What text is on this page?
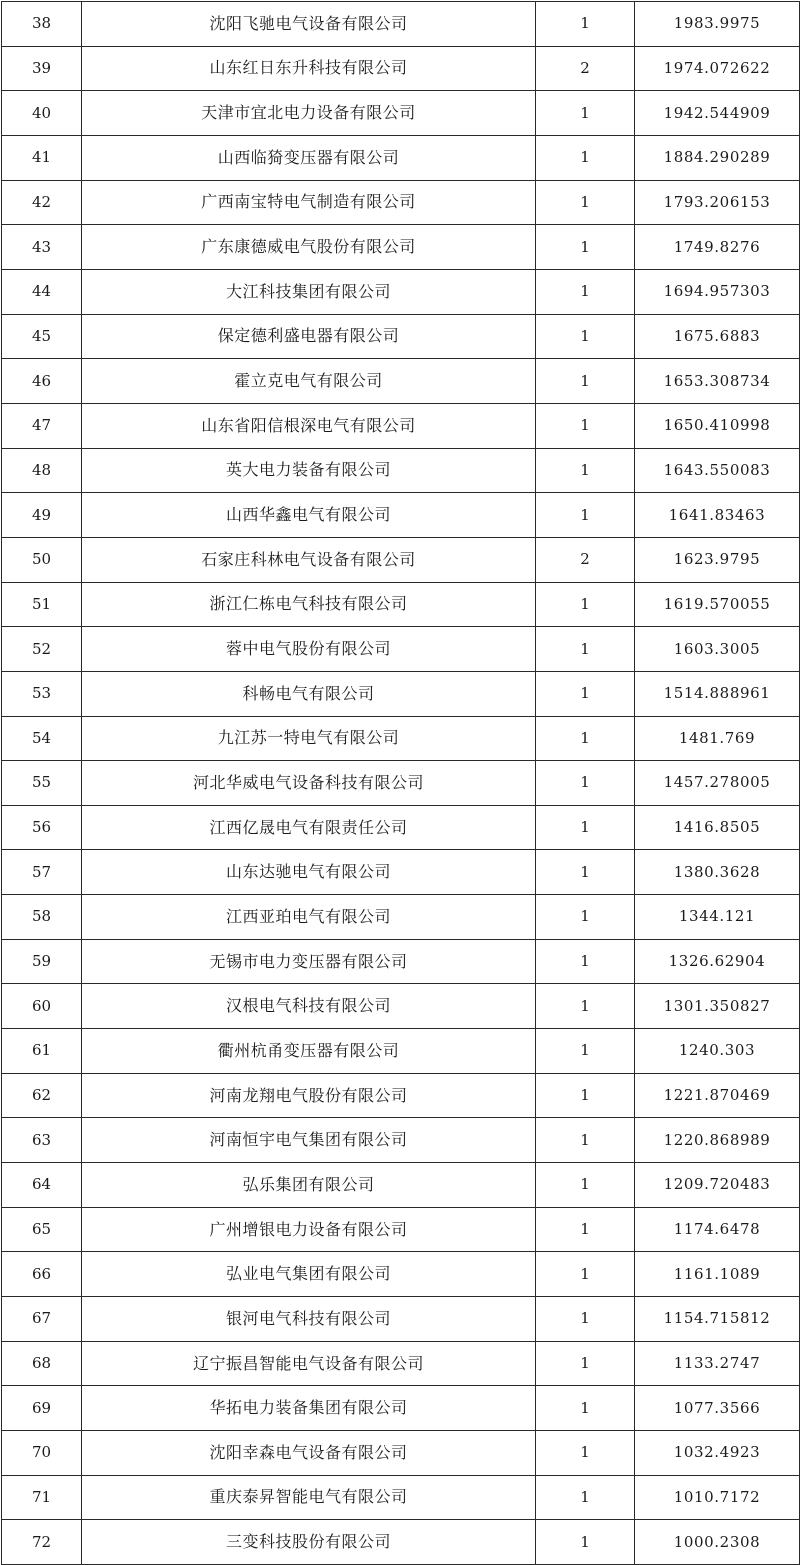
38	沈阳飞驰电气设备有限公司	1	1983.9975
39	山东红日东升科技有限公司	2	1974.072622
40	天津市宜北电力设备有限公司	1	1942.544909
41	山西临猗变压器有限公司	1	1884.290289
42	广西南宝特电气制造有限公司	1	1793.206153
43	广东康德威电气股份有限公司	1	1749.8276
44	大江科技集团有限公司	1	1694.957303
45	保定德利盛电器有限公司	1	1675.6883
46	霍立克电气有限公司	1	1653.308734
47	山东省阳信根深电气有限公司	1	1650.410998
48	英大电力装备有限公司	1	1643.550083
49	山西华鑫电气有限公司	1	1641.83463
50	石家庄科林电气设备有限公司	2	1623.9795
51	浙江仁栋电气科技有限公司	1	1619.570055
52	蓉中电气股份有限公司	1	1603.3005
53	科畅电气有限公司	1	1514.888961
54	九江苏一特电气有限公司	1	1481.769
55	河北华威电气设备科技有限公司	1	1457.278005
56	江西亿晟电气有限责任公司	1	1416.8505
57	山东达驰电气有限公司	1	1380.3628
58	江西亚珀电气有限公司	1	1344.121
59	无锡市电力变压器有限公司	1	1326.62904
60	汉根电气科技有限公司	1	1301.350827
61	衢州杭甬变压器有限公司	1	1240.303
62	河南龙翔电气股份有限公司	1	1221.870469
63	河南恒宇电气集团有限公司	1	1220.868989
64	弘乐集团有限公司	1	1209.720483
65	广州增银电力设备有限公司	1	1174.6478
66	弘业电气集团有限公司	1	1161.1089
67	银河电气科技有限公司	1	1154.715812
68	辽宁振昌智能电气设备有限公司	1	1133.2747
69	华拓电力装备集团有限公司	1	1077.3566
70	沈阳幸森电气设备有限公司	1	1032.4923
71	重庆泰昇智能电气有限公司	1	1010.7172
72	三变科技股份有限公司	1	1000.2308
